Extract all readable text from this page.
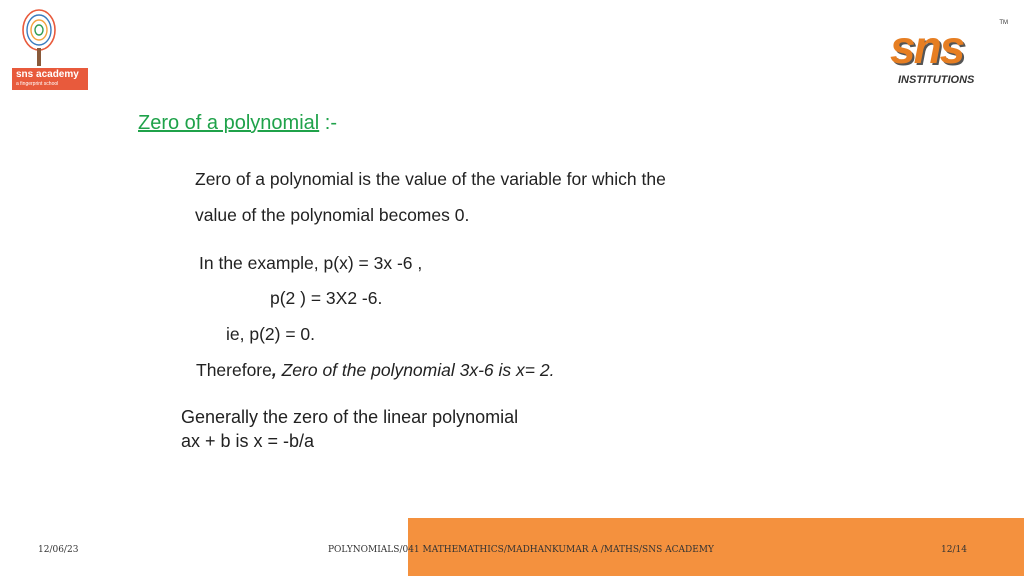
sns academy
a fingerprint school
sns
INSTITUTIONS
TM
Zero of a polynomial :-
Zero of a polynomial is the value of the variable for which the
value of the polynomial becomes 0.
In the example, p(x) = 3x -6 ,
p(2 ) = 3X2 -6.
ie, p(2) = 0.
Therefore, Zero of the polynomial 3x-6 is x= 2.
Generally the zero of the linear polynomial
ax + b is x = -b/a
12/06/23	POLYNOMIALS/041 MATHEMATHICS/MADHANKUMAR A /MATHS/SNS ACADEMY	12/14
